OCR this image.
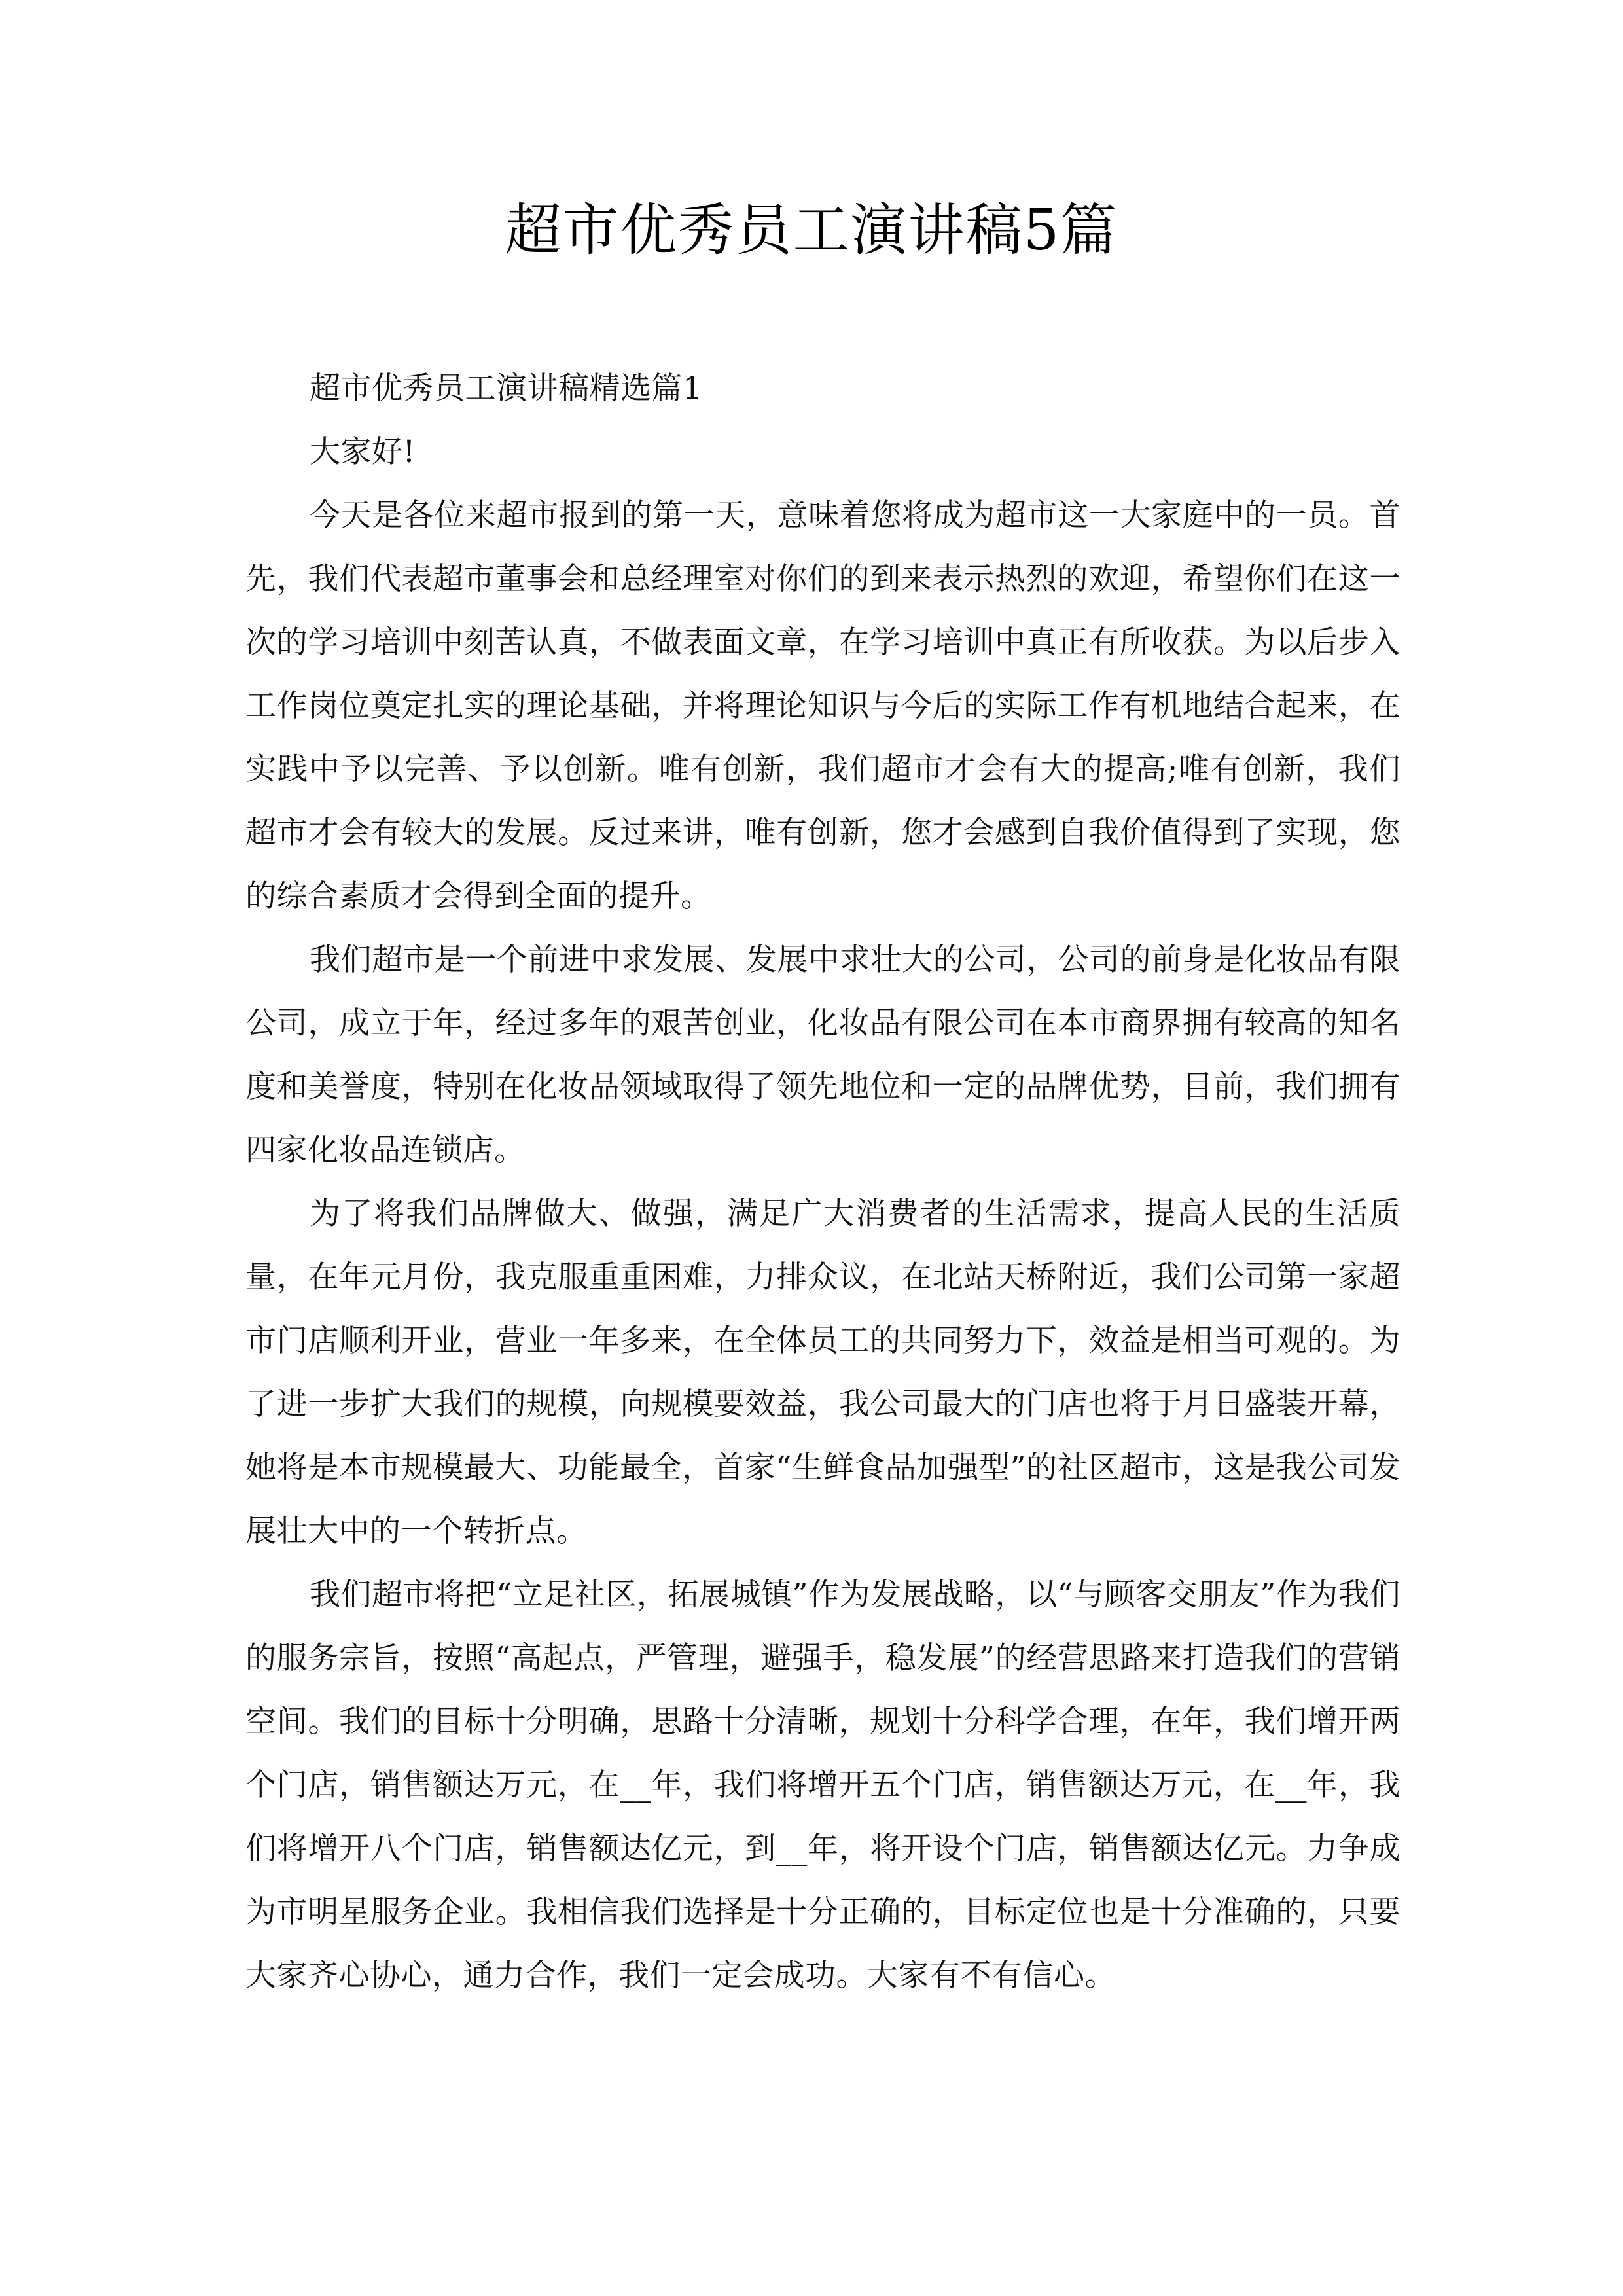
超市优秀员工演讲稿5篇

超市优秀员工演讲稿精选篇1

大家好!

今天是各位来超市报到的第一天，意味着您将成为超市这一大家庭中的一员。首先，我们代表超市董事会和总经理室对你们的到来表示热烈的欢迎，希望你们在这一次的学习培训中刻苦认真，不做表面文章，在学习培训中真正有所收获。为以后步入工作岗位奠定扎实的理论基础，并将理论知识与今后的实际工作有机地结合起来，在实践中予以完善、予以创新。唯有创新，我们超市才会有大的提高;唯有创新，我们超市才会有较大的发展。反过来讲，唯有创新，您才会感到自我价值得到了实现，您的综合素质才会得到全面的提升。

我们超市是一个前进中求发展、发展中求壮大的公司，公司的前身是化妆品有限公司，成立于年，经过多年的艰苦创业，化妆品有限公司在本市商界拥有较高的知名度和美誉度，特别在化妆品领域取得了领先地位和一定的品牌优势，目前，我们拥有四家化妆品连锁店。

为了将我们品牌做大、做强，满足广大消费者的生活需求，提高人民的生活质量，在年元月份，我克服重重困难，力排众议，在北站天桥附近，我们公司第一家超市门店顺利开业，营业一年多来，在全体员工的共同努力下，效益是相当可观的。为了进一步扩大我们的规模，向规模要效益，我公司最大的门店也将于月日盛装开幕，她将是本市规模最大、功能最全，首家“生鲜食品加强型”的社区超市，这是我公司发展壮大中的一个转折点。

我们超市将把“立足社区，拓展城镇”作为发展战略，以“与顾客交朋友”作为我们的服务宗旨，按照“高起点，严管理，避强手，稳发展”的经营思路来打造我们的营销空间。我们的目标十分明确，思路十分清晰，规划十分科学合理，在年，我们增开两个门店，销售额达万元，在__年，我们将增开五个门店，销售额达万元，在__年，我们将增开八个门店，销售额达亿元，到__年，将开设个门店，销售额达亿元。力争成为市明星服务企业。我相信我们选择是十分正确的，目标定位也是十分准确的，只要大家齐心协心，通力合作，我们一定会成功。大家有不有信心。
